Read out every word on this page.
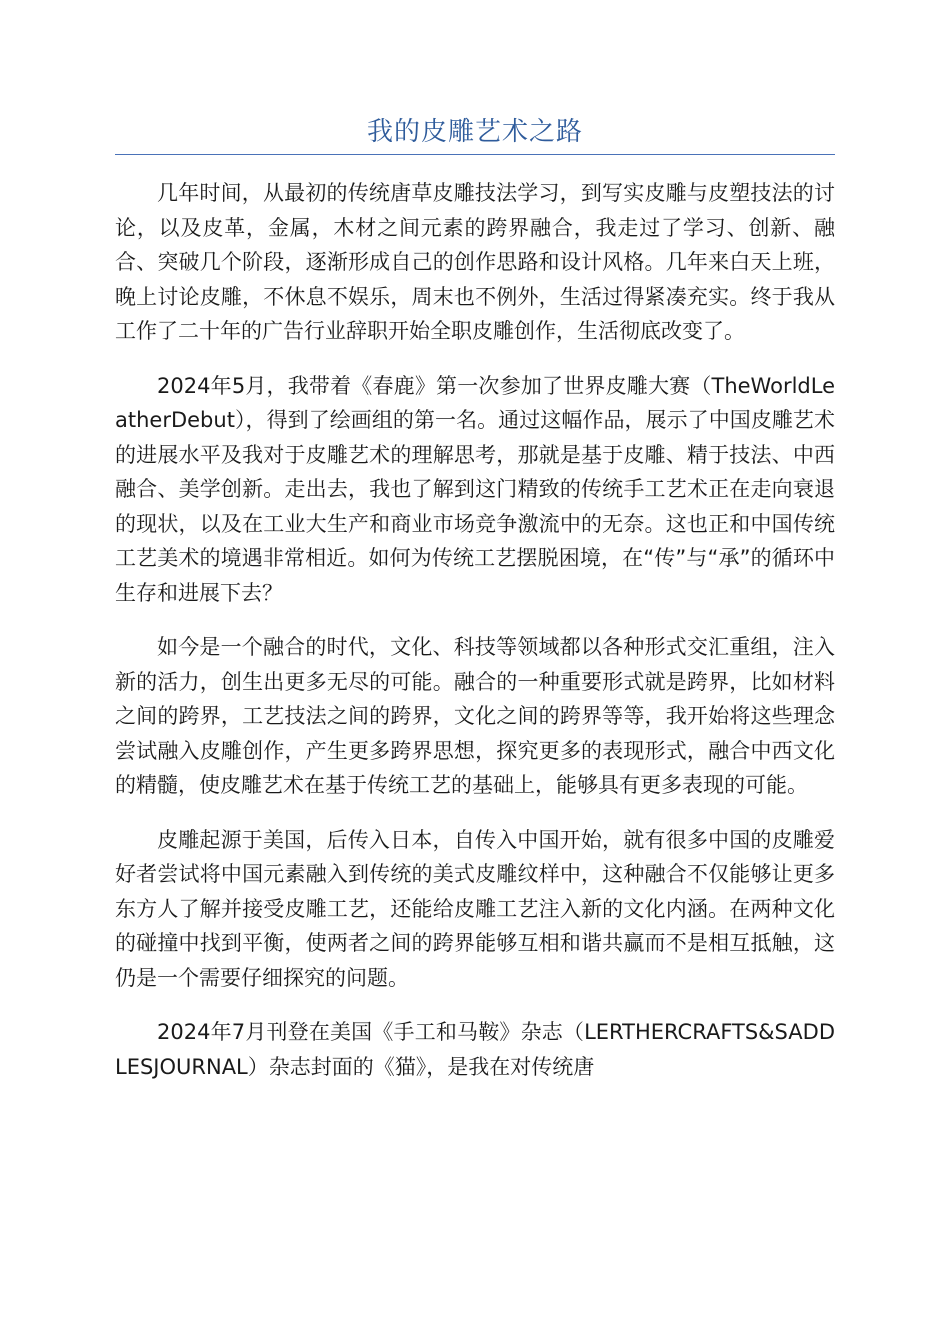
我的皮雕艺术之路

几年时间，从最初的传统唐草皮雕技法学习，到写实皮雕与皮塑技法的讨论，以及皮革，金属，木材之间元素的跨界融合，我走过了学习、创新、融合、突破几个阶段，逐渐形成自己的创作思路和设计风格。几年来白天上班，晚上讨论皮雕，不休息不娱乐，周末也不例外，生活过得紧凑充实。终于我从工作了二十年的广告行业辞职开始全职皮雕创作，生活彻底改变了。

2024年5月，我带着《春鹿》第一次参加了世界皮雕大赛（TheWorldLeatherDebut），得到了绘画组的第一名。通过这幅作品，展示了中国皮雕艺术的进展水平及我对于皮雕艺术的理解思考，那就是基于皮雕、精于技法、中西融合、美学创新。走出去，我也了解到这门精致的传统手工艺术正在走向衰退的现状，以及在工业大生产和商业市场竞争激流中的无奈。这也正和中国传统工艺美术的境遇非常相近。如何为传统工艺摆脱困境，在“传”与“承”的循环中生存和进展下去？

如今是一个融合的时代，文化、科技等领域都以各种形式交汇重组，注入新的活力，创生出更多无尽的可能。融合的一种重要形式就是跨界，比如材料之间的跨界，工艺技法之间的跨界，文化之间的跨界等等，我开始将这些理念尝试融入皮雕创作，产生更多跨界思想，探究更多的表现形式，融合中西文化的精髓，使皮雕艺术在基于传统工艺的基础上，能够具有更多表现的可能。

皮雕起源于美国，后传入日本，自传入中国开始，就有很多中国的皮雕爱好者尝试将中国元素融入到传统的美式皮雕纹样中，这种融合不仅能够让更多东方人了解并接受皮雕工艺，还能给皮雕工艺注入新的文化内涵。在两种文化的碰撞中找到平衡，使两者之间的跨界能够互相和谐共赢而不是相互抵触，这仍是一个需要仔细探究的问题。

2024年7月刊登在美国《手工和马鞍》杂志（LERTHERCRAFTS&SADDLESJOURNAL）杂志封面的《猫》，是我在对传统唐
